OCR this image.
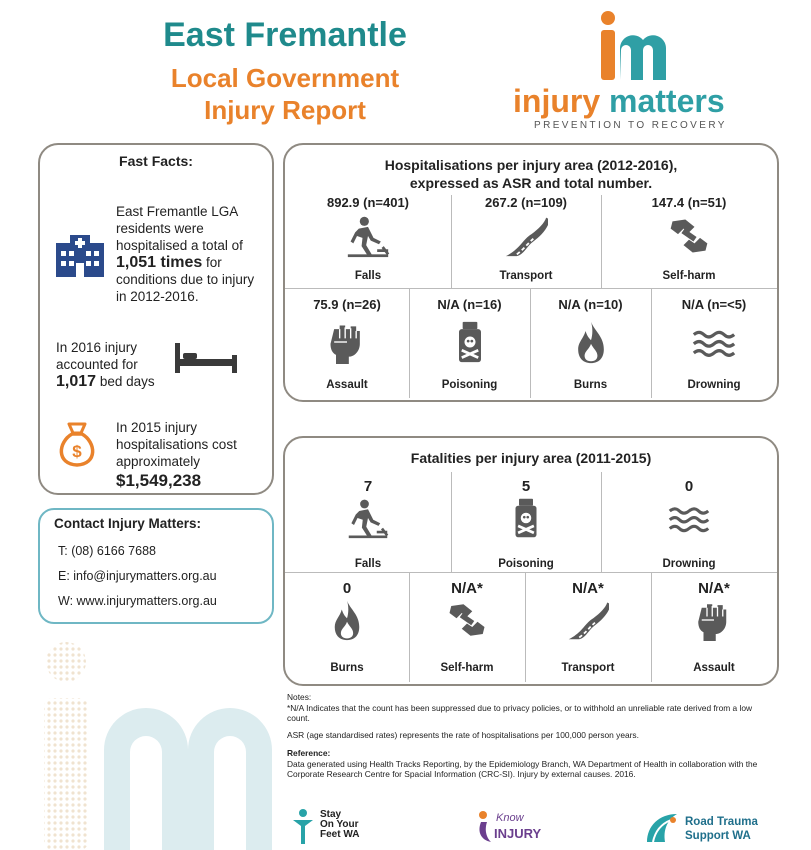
East Fremantle
Local Government
Injury Report	injury matters
PREVENTION TO RECOVERY
Fast Facts:
East Fremantle LGA residents were hospitalised a total of 1,051 times for conditions due to injury in 2012-2016.
In 2016 injury accounted for 1,017 bed days
$
In 2015 injury hospitalisations cost approximately
$1,549,238
Hospitalisations per injury area (2012-2016),
expressed as ASR and total number.
892.9 (n=401)
Falls
267.2 (n=109)
Transport
147.4 (n=51)
Self-harm
75.9 (n=26)
Assault
N/A (n=16)
Poisoning
N/A (n=10)
Burns
N/A (n=<5)
Drowning
Fatalities per injury area (2011-2015)
7
Falls
5
Poisoning
0
Drowning
0
Burns
N/A*
Self-harm
N/A*
Transport
N/A*
Assault
Contact Injury Matters:
T: (08) 6166 7688
E: info@injurymatters.org.au
W: www.injurymatters.org.au
Notes:
*N/A Indicates that the count has been suppressed due to privacy policies, or to withhold an unreliable rate derived from a low count.
ASR (age standardised rates) represents the rate of hospitalisations per 100,000 person years.
Reference:
Data generated using Health Tracks Reporting, by the Epidemiology Branch, WA Department of Health in collaboration with the Corporate Research Centre for Spacial Information (CRC-SI). Injury by external causes. 2016.
Stay
On Your
Feet WA
Know
INJURY
Road Trauma
Support WA
